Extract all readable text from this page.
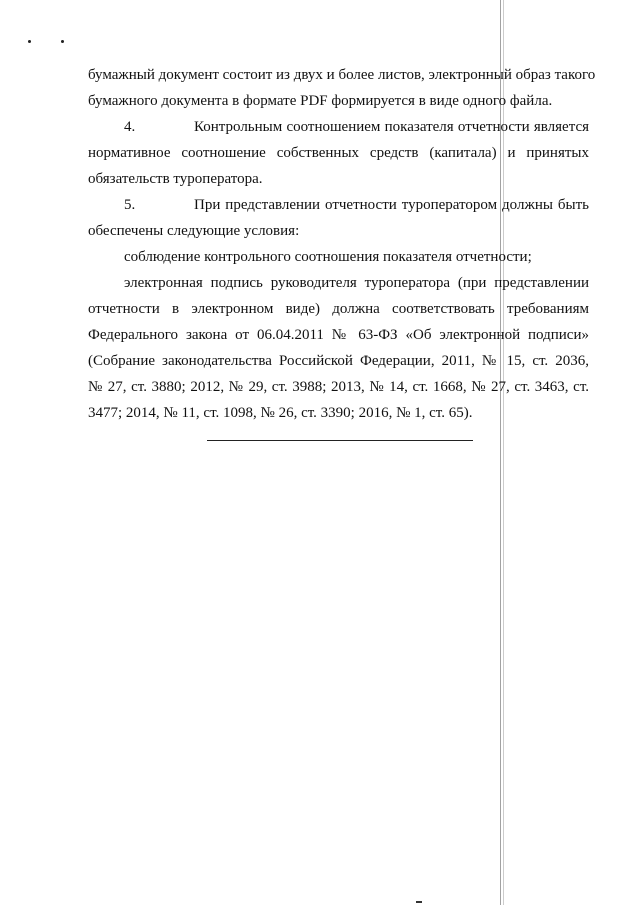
бумажный документ состоит из двух и более листов, электронный образ такого
бумажного документа в формате PDF формируется в виде одного файла.
4.	Контрольным соотношением показателя отчетности является
нормативное соотношение собственных средств (капитала) и принятых
обязательств туроператора.
5.	При представлении отчетности туроператором должны быть
обеспечены следующие условия:
соблюдение контрольного соотношения показателя отчетности;
электронная подпись руководителя туроператора (при представлении
отчетности в электронном виде) должна соответствовать требованиям
Федерального закона от 06.04.2011 № 63-ФЗ «Об электронной подписи»
(Собрание законодательства Российской Федерации, 2011, № 15, ст. 2036,
№ 27, ст. 3880; 2012, № 29, ст. 3988; 2013, № 14, ст. 1668, № 27, ст. 3463, ст.
3477; 2014, № 11, ст. 1098, № 26, ст. 3390; 2016, № 1, ст. 65).
